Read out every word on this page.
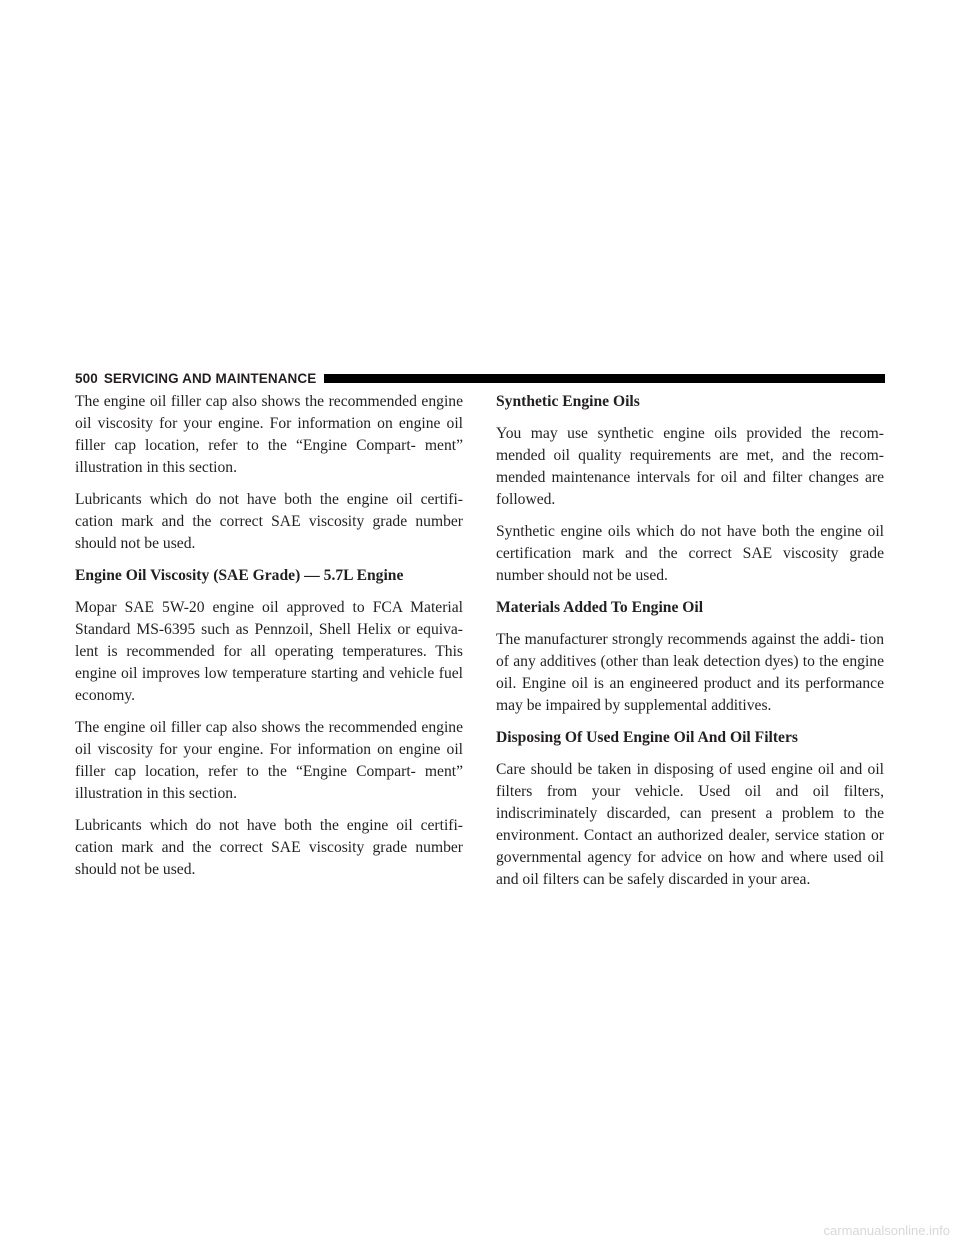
500 SERVICING AND MAINTENANCE

The engine oil filler cap also shows the recommended engine oil viscosity for your engine. For information on engine oil filler cap location, refer to the “Engine Compart- ment” illustration in this section.

Lubricants which do not have both the engine oil certifi- cation mark and the correct SAE viscosity grade number should not be used.

Engine Oil Viscosity (SAE Grade) — 5.7L Engine

Mopar SAE 5W-20 engine oil approved to FCA Material Standard MS-6395 such as Pennzoil, Shell Helix or equiva- lent is recommended for all operating temperatures. This engine oil improves low temperature starting and vehicle fuel economy.

The engine oil filler cap also shows the recommended engine oil viscosity for your engine. For information on engine oil filler cap location, refer to the “Engine Compart- ment” illustration in this section.

Lubricants which do not have both the engine oil certifi- cation mark and the correct SAE viscosity grade number should not be used.

Synthetic Engine Oils

You may use synthetic engine oils provided the recom- mended oil quality requirements are met, and the recom- mended maintenance intervals for oil and filter changes are followed.

Synthetic engine oils which do not have both the engine oil certification mark and the correct SAE viscosity grade number should not be used.

Materials Added To Engine Oil

The manufacturer strongly recommends against the addi- tion of any additives (other than leak detection dyes) to the engine oil. Engine oil is an engineered product and its performance may be impaired by supplemental additives.

Disposing Of Used Engine Oil And Oil Filters

Care should be taken in disposing of used engine oil and oil filters from your vehicle. Used oil and oil filters, indiscriminately discarded, can present a problem to the environment. Contact an authorized dealer, service station or governmental agency for advice on how and where used oil and oil filters can be safely discarded in your area.

carmanualsonline.info
